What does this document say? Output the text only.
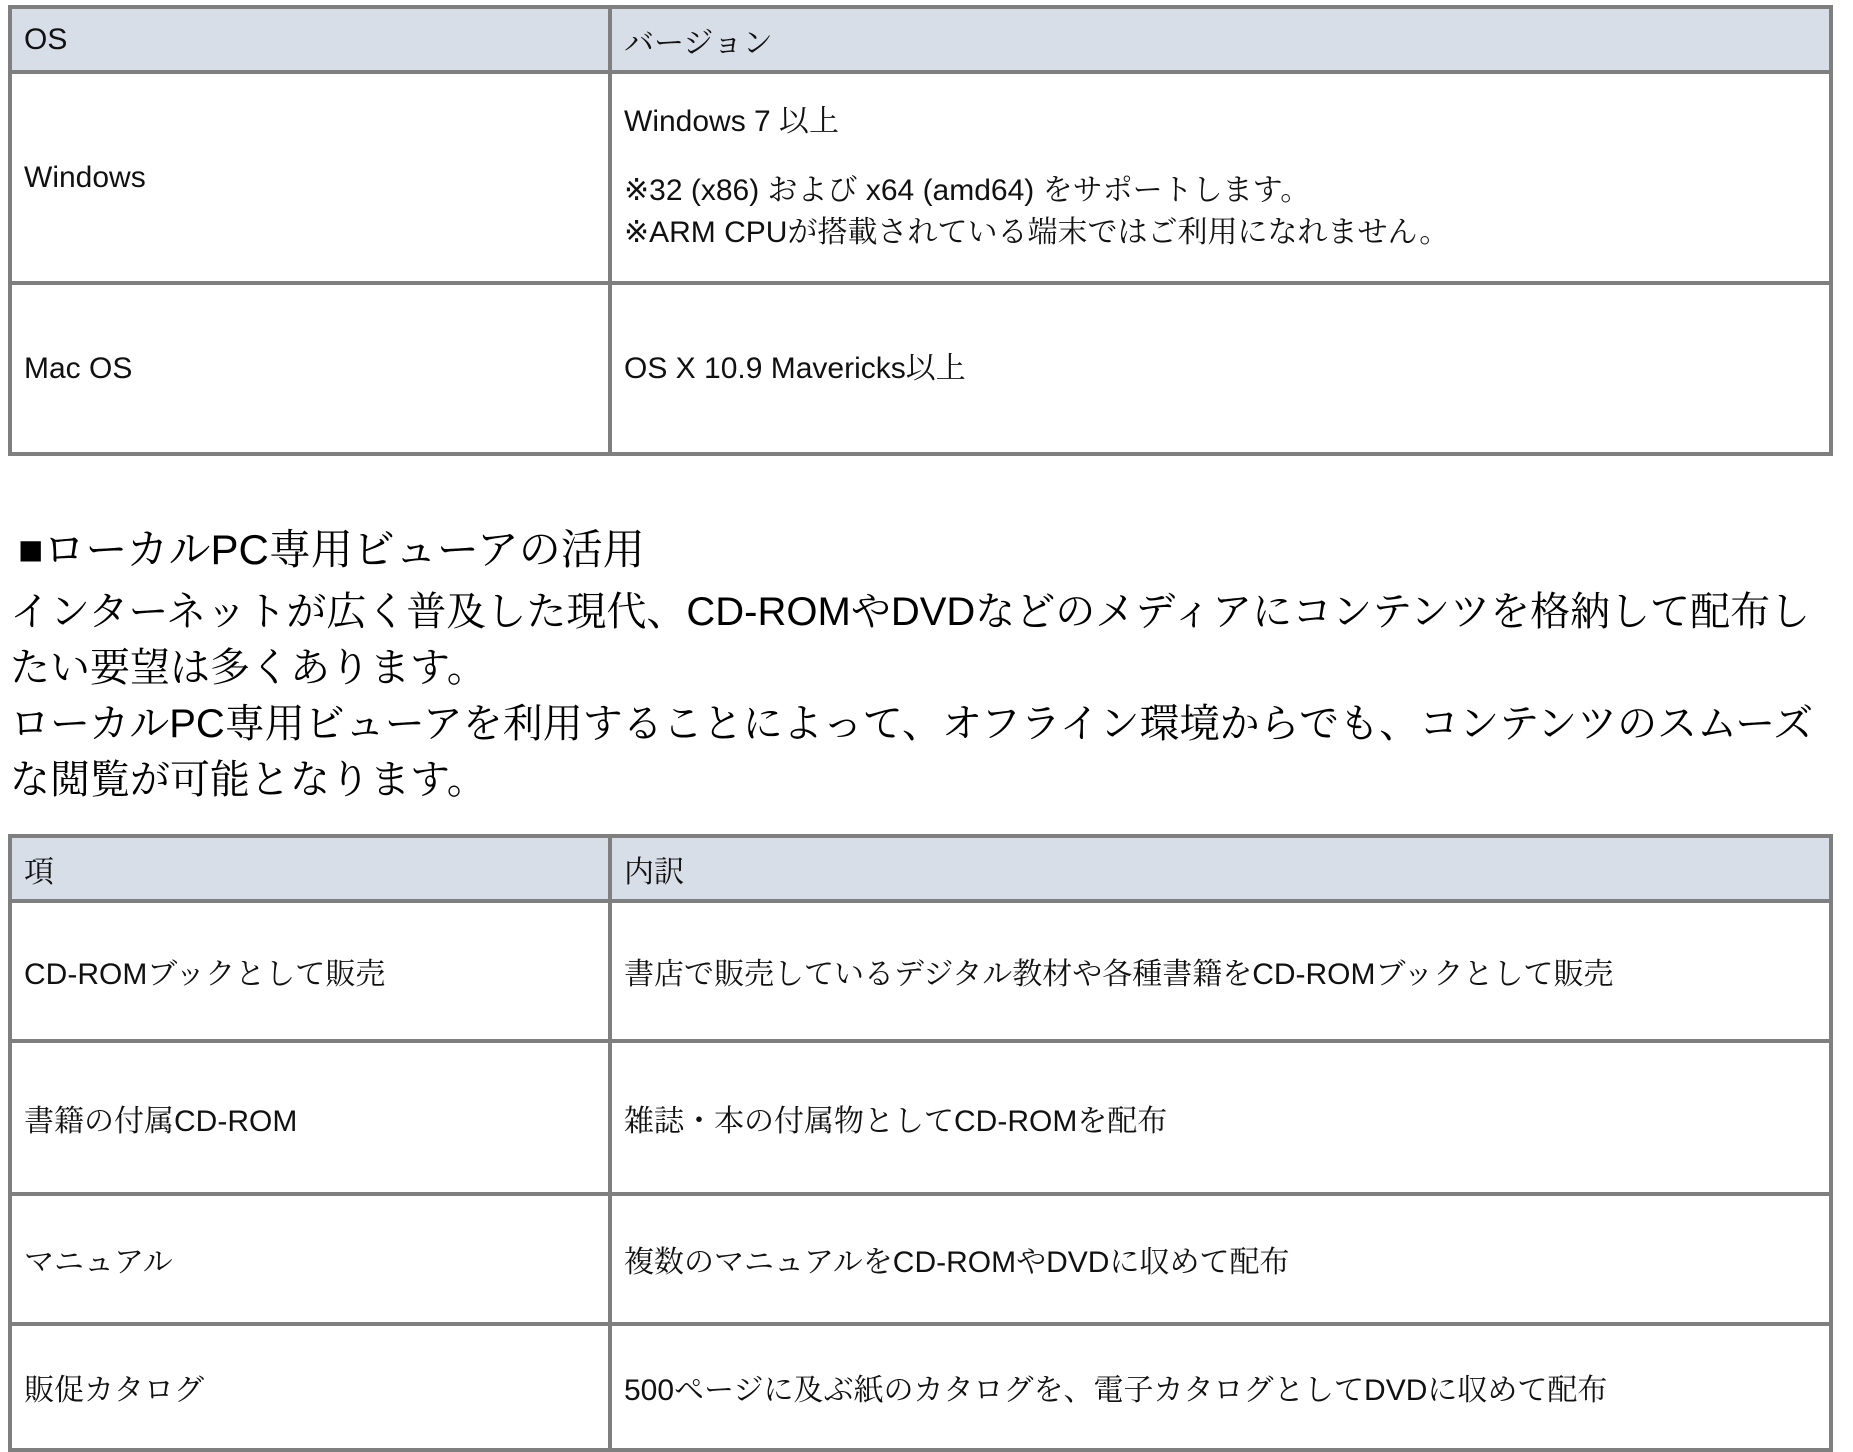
OS	バージョン
Windows	Windows 7 以上
※32 (x86) および x64 (amd64) をサポートします。
※ARM CPUが搭載されている端末ではご利用になれません。

Mac OS	OS X 10.9 Mavericks以上
■ローカルPC専用ビューアの活用

インターネットが広く普及した現代、CD-ROMやDVDなどのメディアにコンテンツを格納して配布したい要望は多くあります。

ローカルPC専用ビューアを利用することによって、オフライン環境からでも、コンテンツのスムーズな閲覧が可能となります。

項	内訳
CD-ROMブックとして販売	書店で販売しているデジタル教材や各種書籍をCD-ROMブックとして販売
書籍の付属CD-ROM	雑誌・本の付属物としてCD-ROMを配布
マニュアル	複数のマニュアルをCD-ROMやDVDに収めて配布
販促カタログ	500ページに及ぶ紙のカタログを、電子カタログとしてDVDに収めて配布
